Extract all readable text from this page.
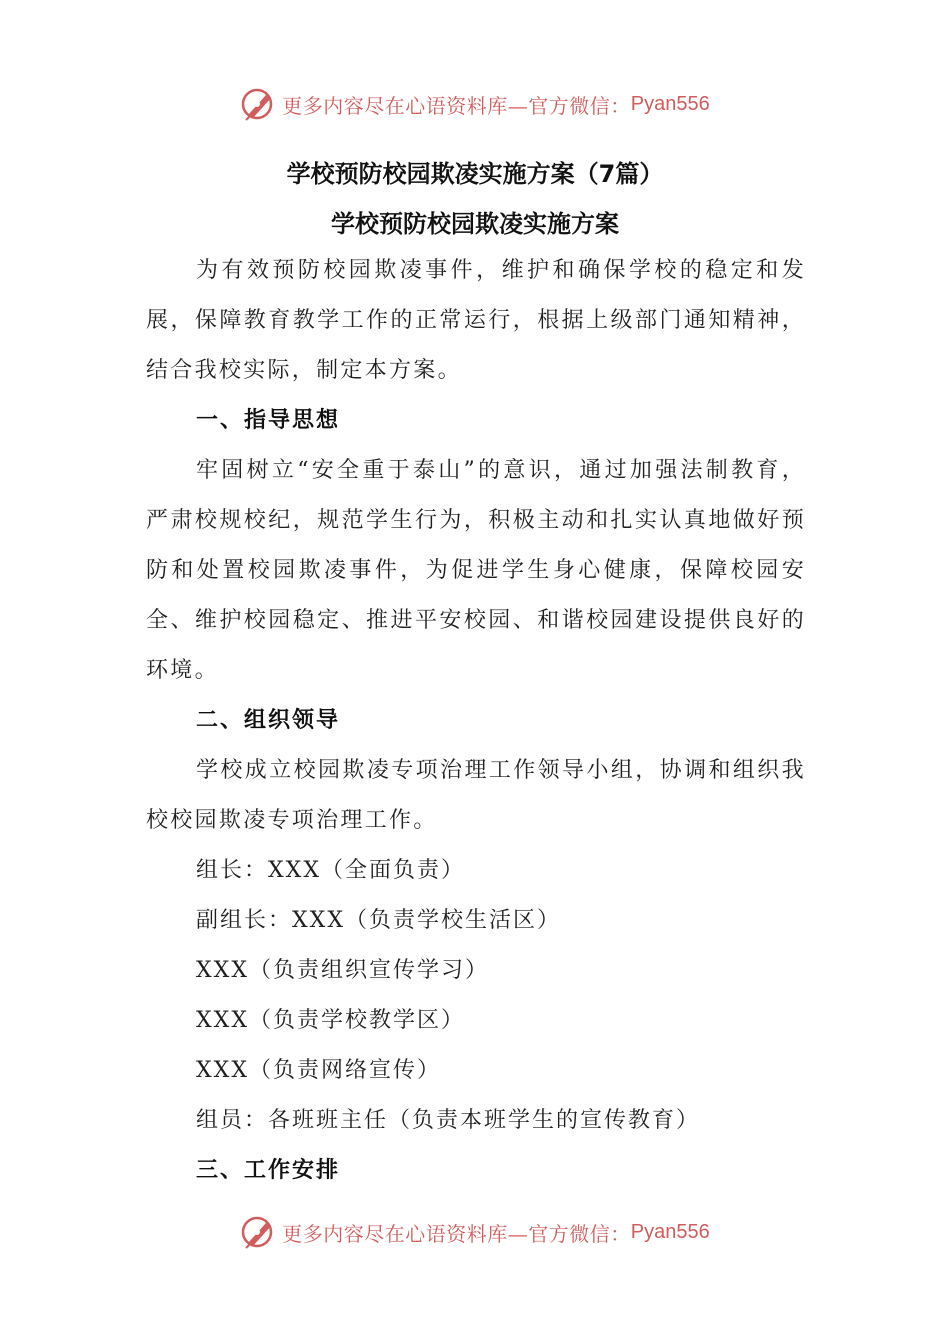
更多内容尽在心语资料库—官方微信： Pyan556
学校预防校园欺凌实施方案（7篇）
学校预防校园欺凌实施方案

为有效预防校园欺凌事件，维护和确保学校的稳定和发展，保障教育教学工作的正常运行，根据上级部门通知精神，结合我校实际，制定本方案。

一、指导思想

牢固树立“安全重于泰山”的意识，通过加强法制教育，严肃校规校纪，规范学生行为，积极主动和扎实认真地做好预防和处置校园欺凌事件，为促进学生身心健康，保障校园安全、维护校园稳定、推进平安校园、和谐校园建设提供良好的环境。

二、组织领导

学校成立校园欺凌专项治理工作领导小组，协调和组织我校校园欺凌专项治理工作。

组长：XXX（全面负责）

副组长：XXX（负责学校生活区）

XXX（负责组织宣传学习）

XXX（负责学校教学区）

XXX（负责网络宣传）

组员：各班班主任（负责本班学生的宣传教育）

三、工作安排

更多内容尽在心语资料库—官方微信： Pyan556
